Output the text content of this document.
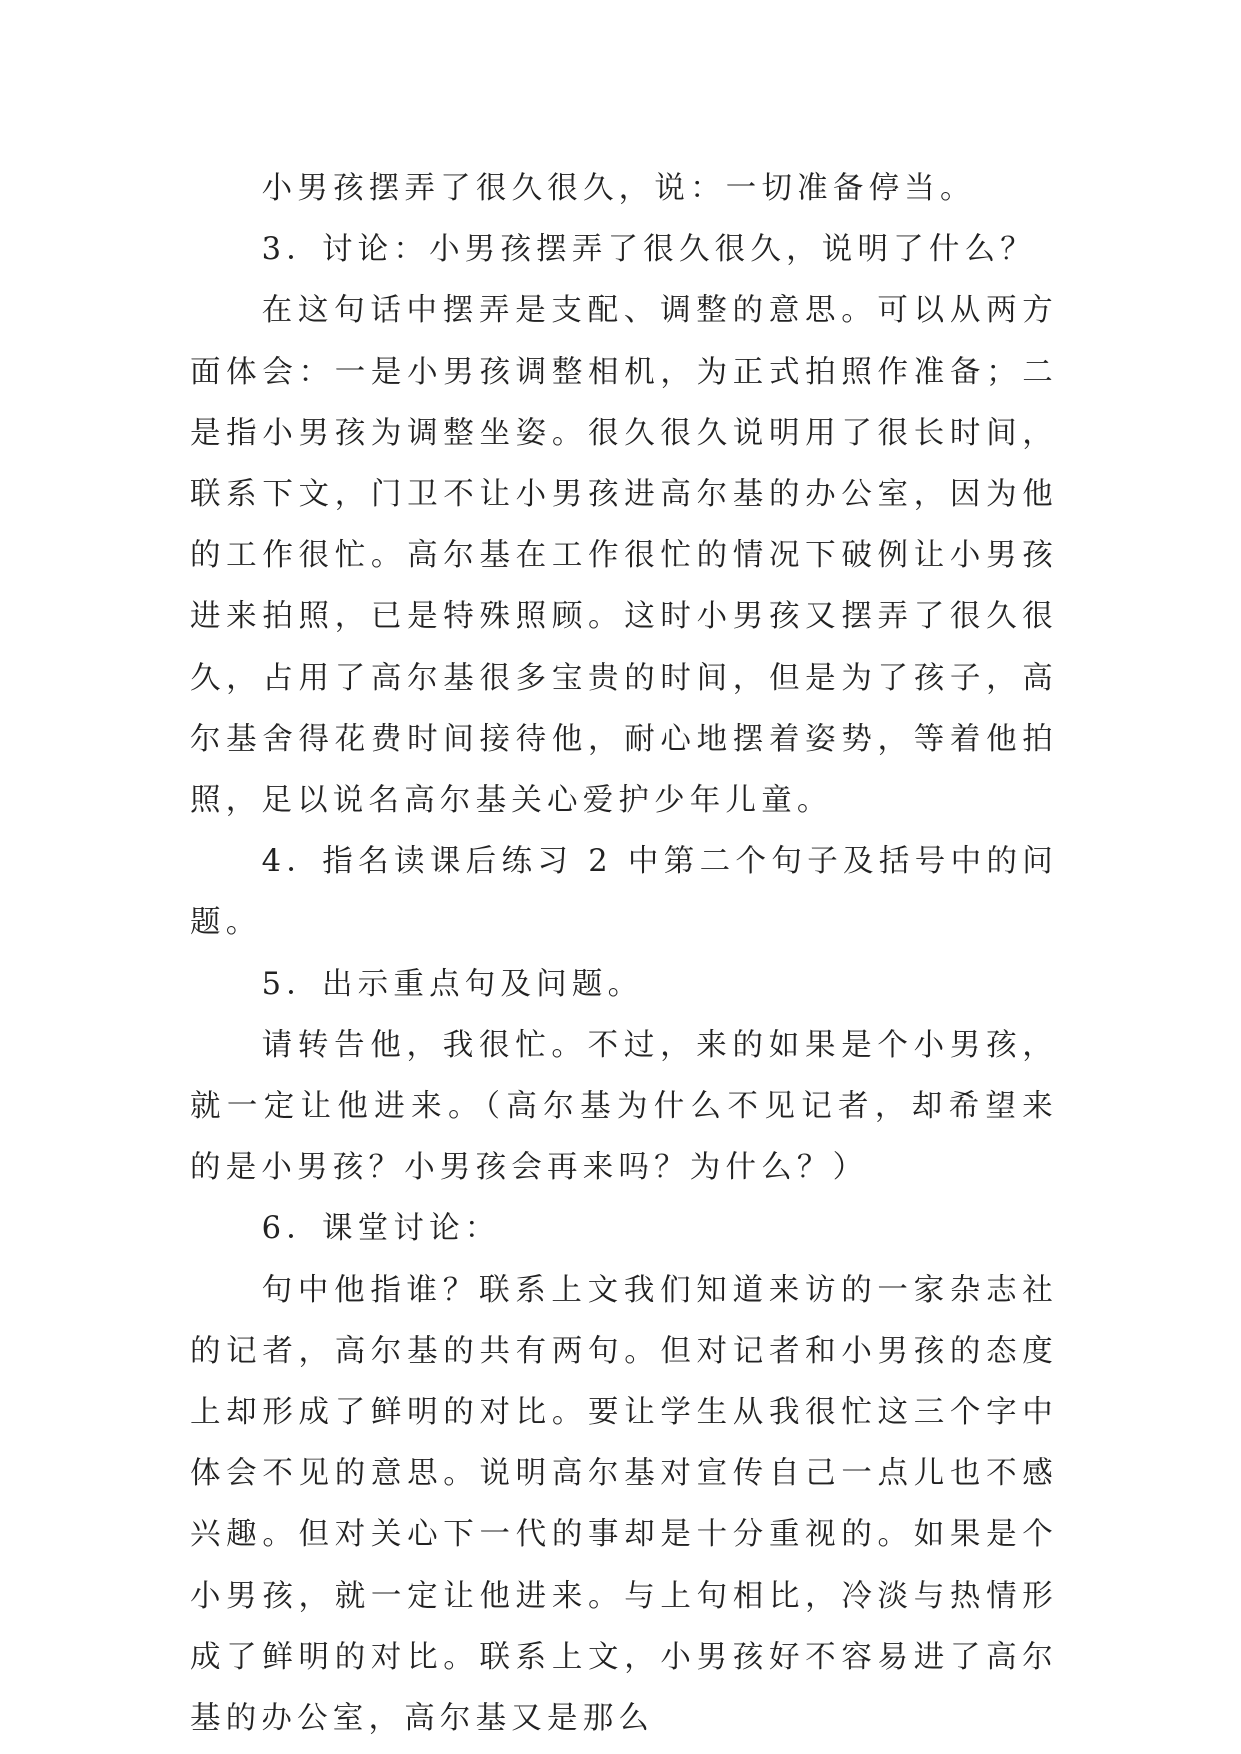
小男孩摆弄了很久很久，说：一切准备停当。

3．讨论：小男孩摆弄了很久很久，说明了什么？

在这句话中摆弄是支配、调整的意思。可以从两方面体会：一是小男孩调整相机，为正式拍照作准备；二是指小男孩为调整坐姿。很久很久说明用了很长时间，联系下文，门卫不让小男孩进高尔基的办公室，因为他的工作很忙。高尔基在工作很忙的情况下破例让小男孩进来拍照，已是特殊照顾。这时小男孩又摆弄了很久很久，占用了高尔基很多宝贵的时间，但是为了孩子，高尔基舍得花费时间接待他，耐心地摆着姿势，等着他拍照，足以说名高尔基关心爱护少年儿童。

4．指名读课后练习 2 中第二个句子及括号中的问题。

5．出示重点句及问题。

请转告他，我很忙。不过，来的如果是个小男孩，就一定让他进来。（高尔基为什么不见记者，却希望来的是小男孩？小男孩会再来吗？为什么？）

6．课堂讨论：

句中他指谁？联系上文我们知道来访的一家杂志社的记者，高尔基的共有两句。但对记者和小男孩的态度上却形成了鲜明的对比。要让学生从我很忙这三个字中体会不见的意思。说明高尔基对宣传自己一点儿也不感兴趣。但对关心下一代的事却是十分重视的。如果是个小男孩，就一定让他进来。与上句相比，冷淡与热情形成了鲜明的对比。联系上文，小男孩好不容易进了高尔基的办公室，高尔基又是那么
